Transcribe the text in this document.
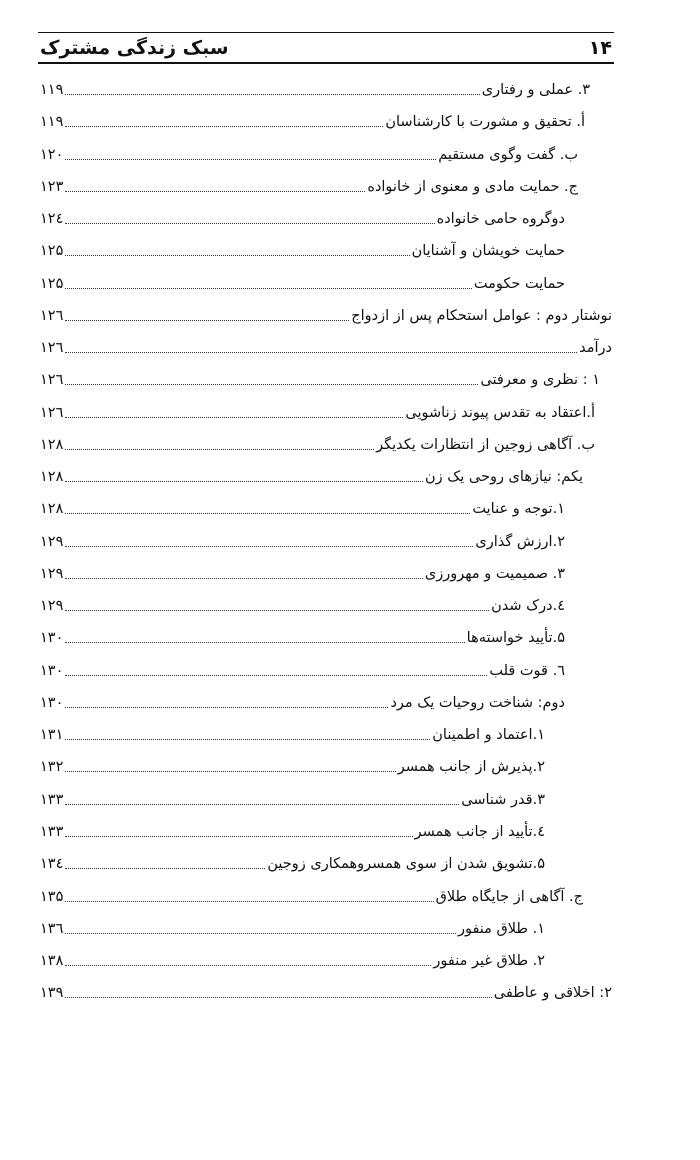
سبک زندگی مشترک	۱۴
۳. عملی و رفتاری
۱۱۹
أ. تحقیق و مشورت با کارشناسان
۱۱۹
ب. گفت وگوی مستقیم
۱۲۰
ج. حمایت مادی و معنوی از خانواده
۱۲۳
دوگروه حامی خانواده
۱۲٤
حمایت خویشان و آشنایان
۱۲۵
حمایت حکومت
۱۲۵
نوشتار دوم : عوامل استحکام پس از ازدواج
۱۲٦
درآمد
۱۲٦
۱ : نظری و معرفتی
۱۲٦
أ.اعتقاد به تقدس پیوند زناشویی
۱۲٦
ب. آگاهی زوجین از انتظارات یکدیگر
۱۲۸
یکم: نیازهای روحی یک زن
۱۲۸
۱.توجه و عنایت
۱۲۸
۲.ارزش گذاری
۱۲۹
۳. صمیمیت و مهرورزی
۱۲۹
٤.درک شدن
۱۲۹
۵.تأیید خواسته‌ها
۱۳۰
٦. قوت قلب
۱۳۰
دوم: شناخت روحیات یک مرد
۱۳۰
۱.اعتماد و اطمینان
۱۳۱
۲.پذیرش از جانب همسر
۱۳۲
۳.قدر شناسی
۱۳۳
٤.تأیید از جانب همسر
۱۳۳
۵.تشویق شدن از سوی همسروهمکاری زوجین
۱۳٤
ج. آگاهی از جایگاه طلاق
۱۳۵
۱. طلاق منفور
۱۳٦
۲. طلاق غیر منفور
۱۳۸
۲: اخلاقی و عاطفی
۱۳۹
